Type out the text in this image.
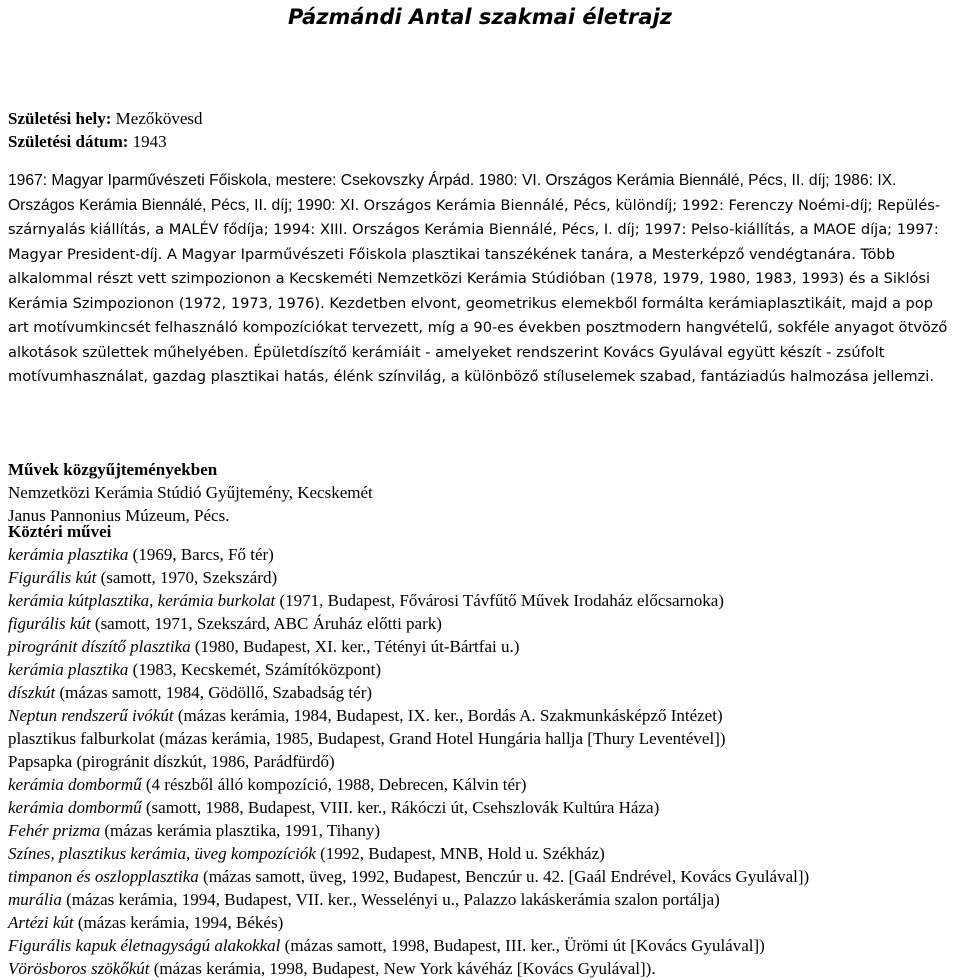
Pázmándi Antal szakmai életrajz
Születési hely: Mezőkövesd
Születési dátum: 1943
1967: Magyar Iparművészeti Főiskola, mestere: Csekovszky Árpád. 1980: VI. Országos Kerámia Biennálé, Pécs, II. díj; 1986: IX. Országos Kerámia Biennálé, Pécs, II. díj; 1990: XI. Országos Kerámia Biennálé, Pécs, különdíj; 1992: Ferenczy Noémi-díj; Repülés-szárnyalás kiállítás, a MALÉV fődíja; 1994: XIII. Országos Kerámia Biennálé, Pécs, I. díj; 1997: Pelso-kiállítás, a MAOE díja; 1997: Magyar President-díj. A Magyar Iparművészeti Főiskola plasztikai tanszékének tanára, a Mesterképző vendégtanára. Több alkalommal részt vett szimpozionon a Kecskeméti Nemzetközi Kerámia Stúdióban (1978, 1979, 1980, 1983, 1993) és a Siklósi Kerámia Szimpozionon (1972, 1973, 1976). Kezdetben elvont, geometrikus elemekből formálta kerámiaplasztikáit, majd a pop art motívumkincsét felhasználó kompozíciókat tervezett, míg a 90-es években posztmodern hangvételű, sokféle anyagot ötvöző alkotások születtek műhelyében. Épületdíszítő kerámiáit - amelyeket rendszerint Kovács Gyulával együtt készít - zsúfolt motívumhasználat, gazdag plasztikai hatás, élénk színvilág, a különböző stíluselemek szabad, fantáziadús halmozása jellemzi.
Művek közgyűjteményekben
Nemzetközi Kerámia Stúdió Gyűjtemény, Kecskemét
Janus Pannonius Múzeum, Pécs.
Köztéri művei
kerámia plasztika (1969, Barcs, Fő tér)
Figurális kút (samott, 1970, Szekszárd)
kerámia kútplasztika, kerámia burkolat (1971, Budapest, Fővárosi Távfűtő Művek Irodaház előcsarnoka)
figurális kút (samott, 1971, Szekszárd, ABC Áruház előtti park)
pirogránit díszítő plasztika (1980, Budapest, XI. ker., Tétényi út-Bártfai u.)
kerámia plasztika (1983, Kecskemét, Számítóközpont)
díszkút (mázas samott, 1984, Gödöllő, Szabadság tér)
Neptun rendszerű ivókút (mázas kerámia, 1984, Budapest, IX. ker., Bordás A. Szakmunkásképző Intézet)
plasztikus falburkolat (mázas kerámia, 1985, Budapest, Grand Hotel Hungária hallja [Thury Leventével])
Papsapka (pirogránit díszkút, 1986, Parádfürdő)
kerámia dombormű (4 részből álló kompozíció, 1988, Debrecen, Kálvin tér)
kerámia dombormű (samott, 1988, Budapest, VIII. ker., Rákóczi út, Csehszlovák Kultúra Háza)
Fehér prizma (mázas kerámia plasztika, 1991, Tihany)
Színes, plasztikus kerámia, üveg kompozíciók (1992, Budapest, MNB, Hold u. Székház)
timpanon és oszlopplasztika (mázas samott, üveg, 1992, Budapest, Benczúr u. 42. [Gaál Endrével, Kovács Gyulával])
murália (mázas kerámia, 1994, Budapest, VII. ker., Wesselényi u., Palazzo lakáskerámia szalon portálja)
Artézi kút (mázas kerámia, 1994, Békés)
Figurális kapuk életnagyságú alakokkal (mázas samott, 1998, Budapest, III. ker., Ürömi út [Kovács Gyulával])
Vörösboros szökőkút (mázas kerámia, 1998, Budapest, New York kávéház [Kovács Gyulával]).
